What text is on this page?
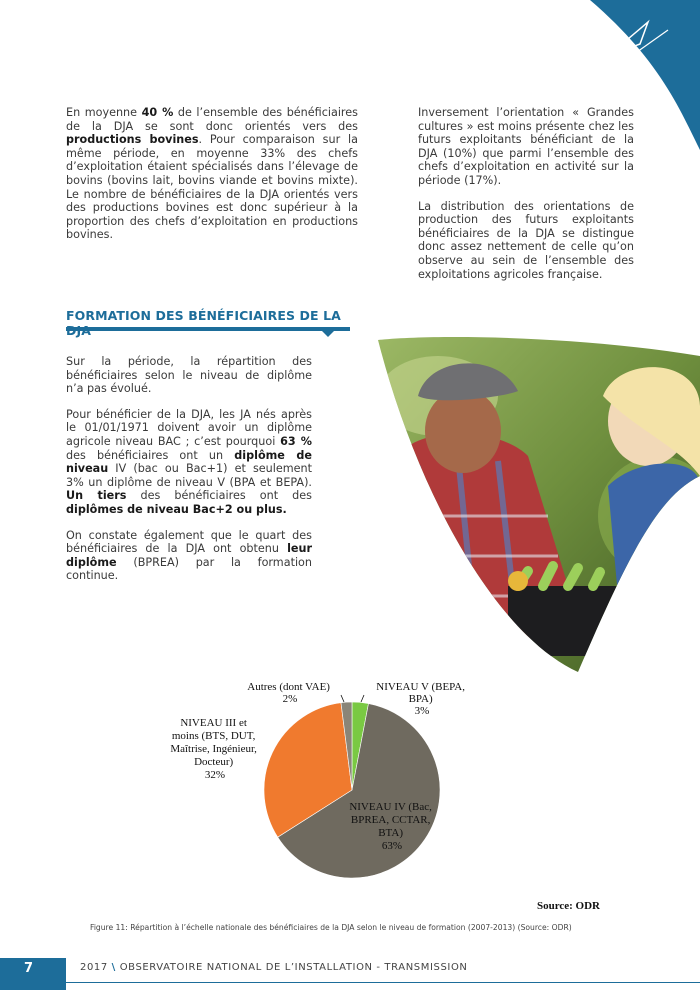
En moyenne 40 % de l’ensemble des bénéficiaires de la DJA se sont donc orientés vers des productions bovines. Pour comparaison sur la même période, en moyenne 33% des chefs d’exploitation étaient spécialisés dans l’élevage de bovins (bovins lait, bovins viande et bovins mixte). Le nombre de bénéficiaires de la DJA orientés vers des productions bovines est donc supérieur à la proportion des chefs d’exploitation en productions bovines.

Inversement l’orientation « Grandes cultures » est moins présente chez les futurs exploitants bénéficiant de la DJA (10%) que parmi l’ensemble des chefs d’exploitation en activité sur la période (17%).

La distribution des orientations de production des futurs exploitants bénéficiaires de la DJA se distingue donc assez nettement de celle qu’on observe au sein de l’ensemble des exploitations agricoles française.

FORMATION DES BÉNÉFICIAIRES DE LA

Sur la période, la répartition des bénéficiaires selon le niveau de diplôme n’a pas évolué.

Pour bénéficier de la DJA, les JA nés après le 01/01/1971 doivent avoir un diplôme agricole niveau BAC ; c’est pourquoi 63 % des bénéficiaires ont un diplôme de niveau IV (bac ou Bac+1) et seulement 3% un diplôme de niveau V (BPA et BEPA). Un tiers des bénéficiaires ont des diplômes de niveau Bac+2 ou plus.

On constate également que le quart des bénéficiaires de la DJA ont obtenu leur diplôme (BPREA) par la formation continue.

NIVEAU V (BEPA, BPA) 3%
NIVEAU IV (Bac, BPREA, CCTAR, BTA) 63%
NIVEAU III et moins (BTS, DUT, Maîtrise, Ingénieur, Docteur) 32%
Autres (dont VAE) 2%
Source: ODR
Figure 11: Répartition à l’échelle nationale des bénéficiaires de la DJA selon le niveau de formation (2007-2013) (Source: ODR)
7	2017 \ OBSERVATOIRE NATIONAL DE L’INSTALLATION - TRANSMISSION
